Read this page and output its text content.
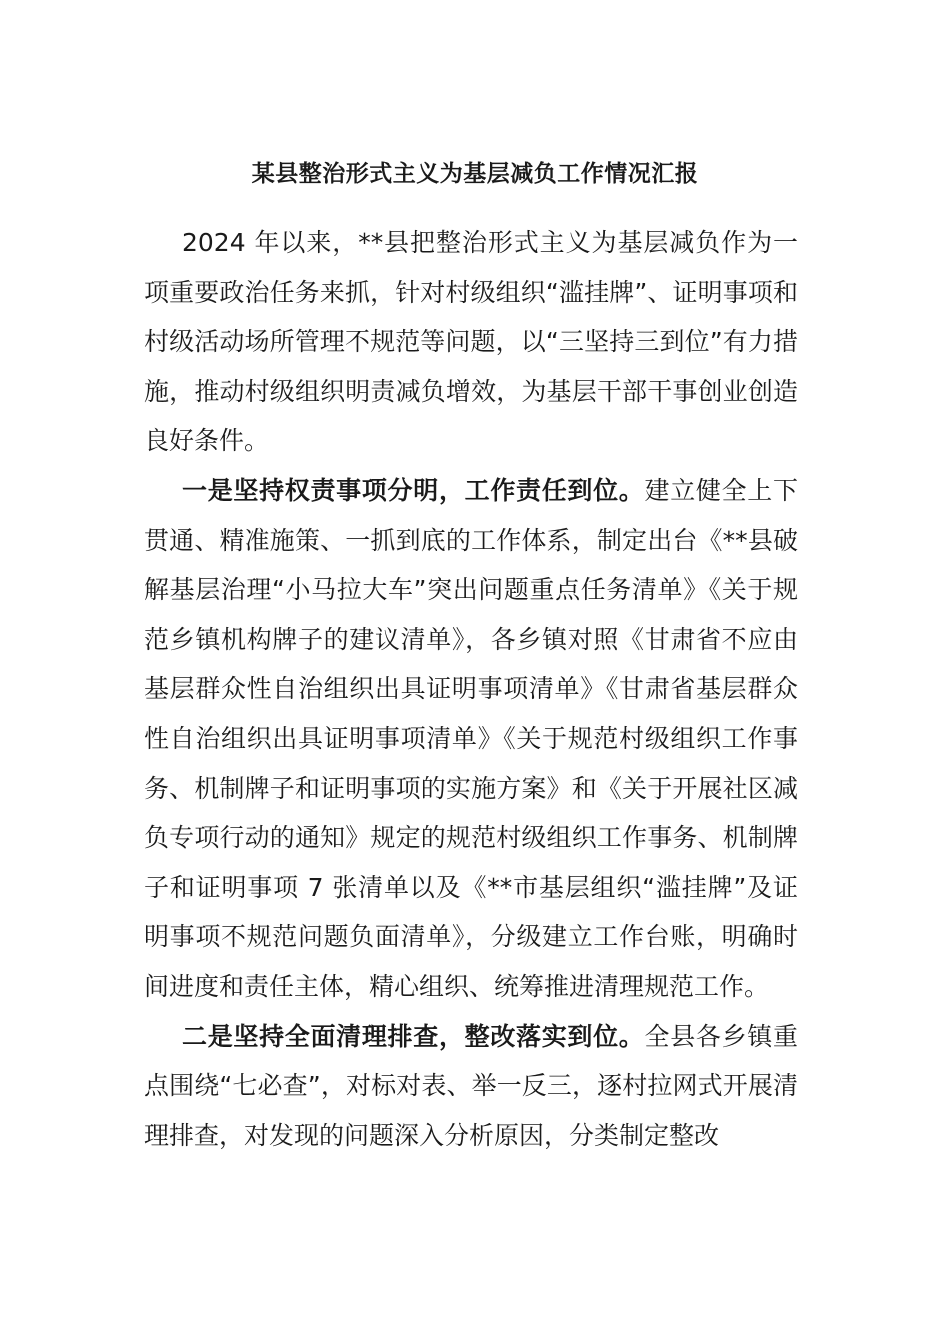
某县整治形式主义为基层减负工作情况汇报

2024 年以来，**县把整治形式主义为基层减负作为一项重要政治任务来抓，针对村级组织“滥挂牌”、证明事项和村级活动场所管理不规范等问题，以“三坚持三到位”有力措施，推动村级组织明责减负增效，为基层干部干事创业创造良好条件。

一是坚持权责事项分明，工作责任到位。建立健全上下贯通、精准施策、一抓到底的工作体系，制定出台《**县破解基层治理“小马拉大车”突出问题重点任务清单》《关于规范乡镇机构牌子的建议清单》，各乡镇对照《甘肃省不应由基层群众性自治组织出具证明事项清单》《甘肃省基层群众性自治组织出具证明事项清单》《关于规范村级组织工作事务、机制牌子和证明事项的实施方案》和《关于开展社区减负专项行动的通知》规定的规范村级组织工作事务、机制牌子和证明事项 7 张清单以及《**市基层组织“滥挂牌”及证明事项不规范问题负面清单》，分级建立工作台账，明确时间进度和责任主体，精心组织、统筹推进清理规范工作。

二是坚持全面清理排查，整改落实到位。全县各乡镇重点围绕“七必查”，对标对表、举一反三，逐村拉网式开展清理排查，对发现的问题深入分析原因，分类制定整改
